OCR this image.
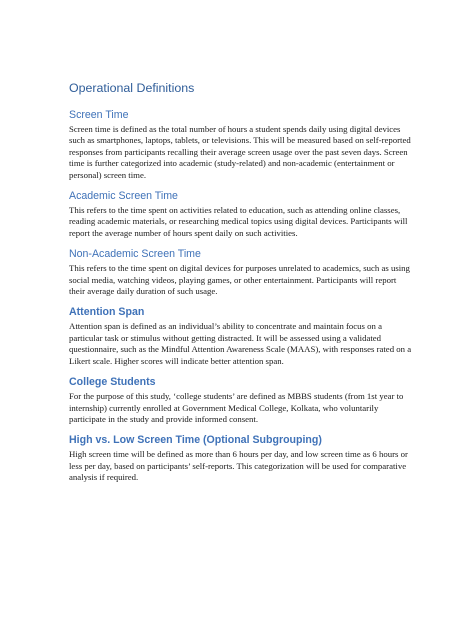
Operational Definitions
Screen Time

Screen time is defined as the total number of hours a student spends daily using digital devices such as smartphones, laptops, tablets, or televisions. This will be measured based on self-reported responses from participants recalling their average screen usage over the past seven days. Screen time is further categorized into academic (study-related) and non-academic (entertainment or personal) screen time.

Academic Screen Time

This refers to the time spent on activities related to education, such as attending online classes, reading academic materials, or researching medical topics using digital devices. Participants will report the average number of hours spent daily on such activities.

Non-Academic Screen Time

This refers to the time spent on digital devices for purposes unrelated to academics, such as using social media, watching videos, playing games, or other entertainment. Participants will report their average daily duration of such usage.

Attention Span

Attention span is defined as an individual’s ability to concentrate and maintain focus on a particular task or stimulus without getting distracted. It will be assessed using a validated questionnaire, such as the Mindful Attention Awareness Scale (MAAS), with responses rated on a Likert scale. Higher scores will indicate better attention span.

College Students

For the purpose of this study, ‘college students’ are defined as MBBS students (from 1st year to internship) currently enrolled at Government Medical College, Kolkata, who voluntarily participate in the study and provide informed consent.

High vs. Low Screen Time (Optional Subgrouping)

High screen time will be defined as more than 6 hours per day, and low screen time as 6 hours or less per day, based on participants’ self-reports. This categorization will be used for comparative analysis if required.
